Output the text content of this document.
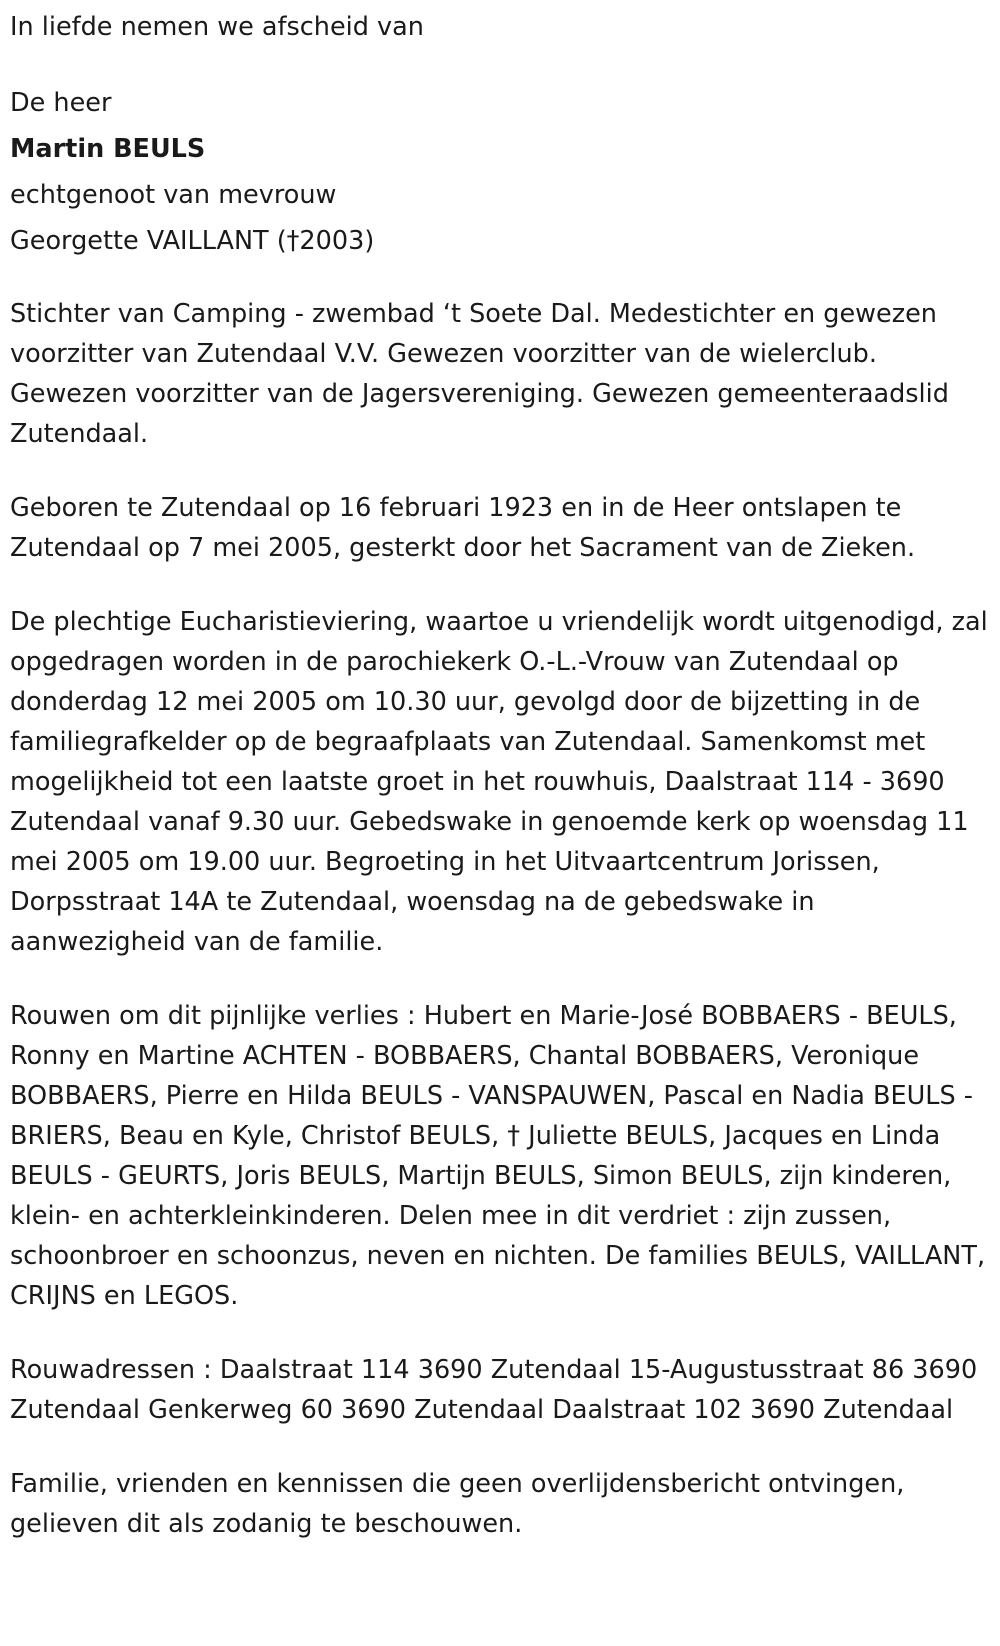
In liefde nemen we afscheid van

De heer

Martin BEULS

echtgenoot van mevrouw

Georgette VAILLANT (†2003)

Stichter van Camping - zwembad ‘t Soete Dal. Medestichter en gewezen voorzitter van Zutendaal V.V. Gewezen voorzitter van de wielerclub. Gewezen voorzitter van de Jagersvereniging. Gewezen gemeenteraadslid Zutendaal.

Geboren te Zutendaal op 16 februari 1923 en in de Heer ontslapen te Zutendaal op 7 mei 2005, gesterkt door het Sacrament van de Zieken.

De plechtige Eucharistieviering, waartoe u vriendelijk wordt uitgenodigd, zal opgedragen worden in de parochiekerk O.-L.-Vrouw van Zutendaal op donderdag 12 mei 2005 om 10.30 uur, gevolgd door de bijzetting in de familiegrafkelder op de begraafplaats van Zutendaal. Samenkomst met mogelijkheid tot een laatste groet in het rouwhuis, Daalstraat 114 - 3690 Zutendaal vanaf 9.30 uur. Gebedswake in genoemde kerk op woensdag 11 mei 2005 om 19.00 uur. Begroeting in het Uitvaartcentrum Jorissen, Dorpsstraat 14A te Zutendaal, woensdag na de gebedswake in aanwezigheid van de familie.

Rouwen om dit pijnlijke verlies : Hubert en Marie-José BOBBAERS - BEULS, Ronny en Martine ACHTEN - BOBBAERS, Chantal BOBBAERS, Veronique BOBBAERS, Pierre en Hilda BEULS - VANSPAUWEN, Pascal en Nadia BEULS - BRIERS, Beau en Kyle, Christof BEULS, † Juliette BEULS, Jacques en Linda BEULS - GEURTS, Joris BEULS, Martijn BEULS, Simon BEULS, zijn kinderen, klein- en achterkleinkinderen. Delen mee in dit verdriet : zijn zussen, schoonbroer en schoonzus, neven en nichten. De families BEULS, VAILLANT, CRIJNS en LEGOS.

Rouwadressen : Daalstraat 114 3690 Zutendaal 15-Augustusstraat 86 3690 Zutendaal Genkerweg 60 3690 Zutendaal Daalstraat 102 3690 Zutendaal

Familie, vrienden en kennissen die geen overlijdensbericht ontvingen, gelieven dit als zodanig te beschouwen.
